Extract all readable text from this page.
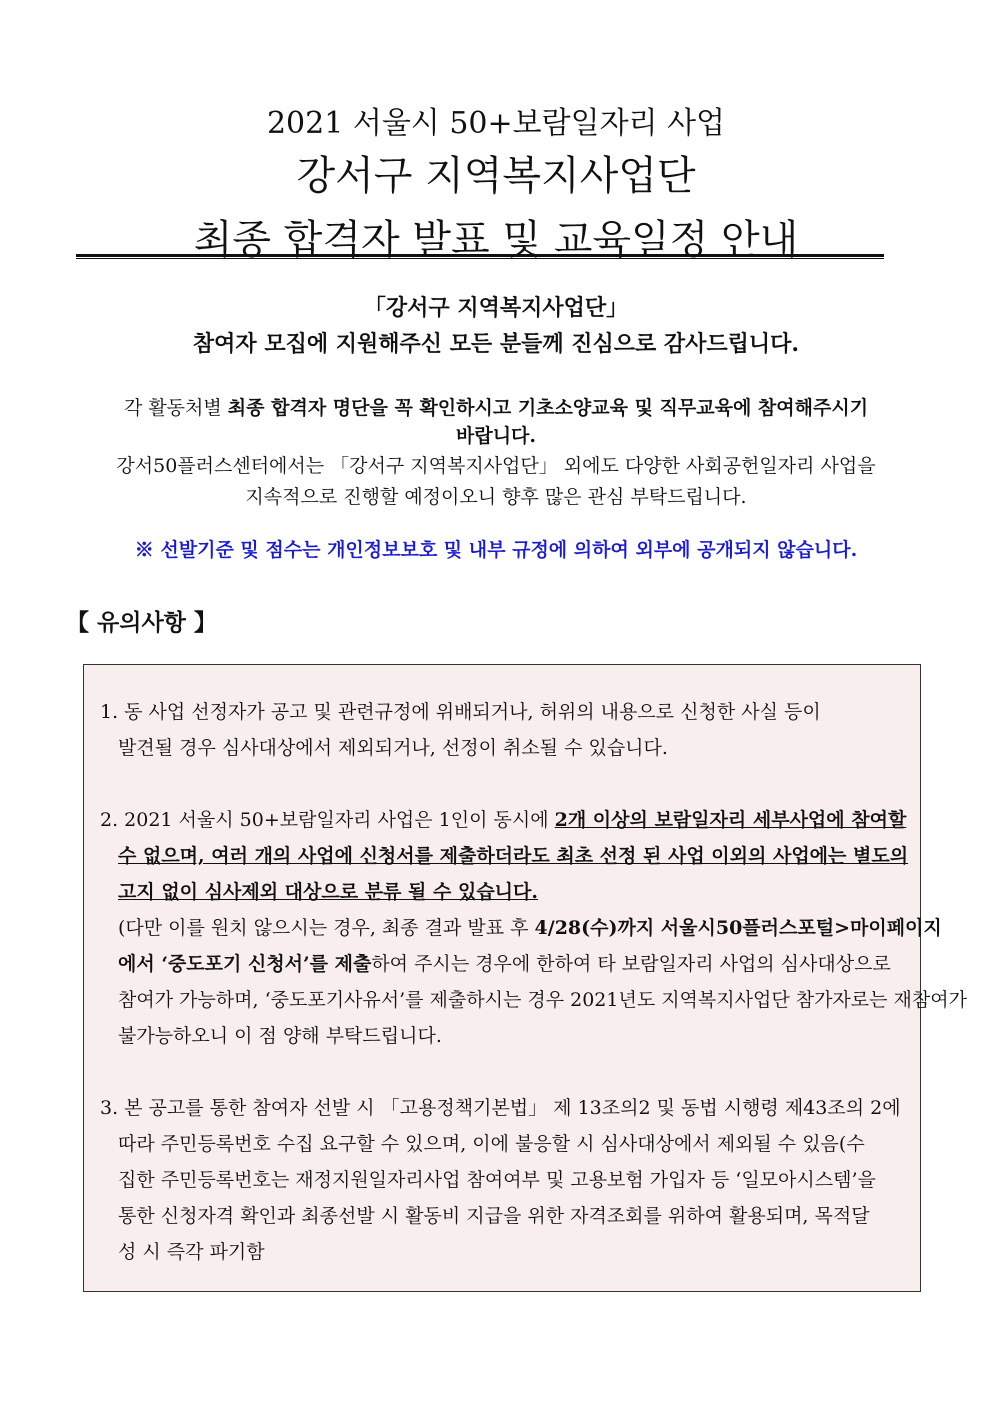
2021 서울시 50+보람일자리 사업
강서구 지역복지사업단
최종 합격자 발표 및 교육일정 안내
「강서구 지역복지사업단」
참여자 모집에 지원해주신 모든 분들께 진심으로 감사드립니다.
각 활동처별 최종 합격자 명단을 꼭 확인하시고 기초소양교육 및 직무교육에 참여해주시기
바랍니다.
강서50플러스센터에서는 「강서구 지역복지사업단」 외에도 다양한 사회공헌일자리 사업을
지속적으로 진행할 예정이오니 향후 많은 관심 부탁드립니다.
※ 선발기준 및 점수는 개인정보보호 및 내부 규정에 의하여 외부에 공개되지 않습니다.
【 유의사항 】
1. 동 사업 선정자가 공고 및 관련규정에 위배되거나, 허위의 내용으로 신청한 사실 등이
발견될 경우 심사대상에서 제외되거나, 선정이 취소될 수 있습니다.
2. 2021 서울시 50+보람일자리 사업은 1인이 동시에 2개 이상의 보람일자리 세부사업에 참여할
수 없으며, 여러 개의 사업에 신청서를 제출하더라도 최초 선정 된 사업 이외의 사업에는 별도의
고지 없이 심사제외 대상으로 분류 될 수 있습니다.
(다만 이를 원치 않으시는 경우, 최종 결과 발표 후 4/28(수)까지 서울시50플러스포털>마이페이지
에서 ‘중도포기 신청서’를 제출하여 주시는 경우에 한하여 타 보람일자리 사업의 심사대상으로
참여가 가능하며, ‘중도포기사유서’를 제출하시는 경우 2021년도 지역복지사업단 참가자로는 재참여가
불가능하오니 이 점 양해 부탁드립니다.
3. 본 공고를 통한 참여자 선발 시 「고용정책기본법」 제 13조의2 및 동법 시행령 제43조의 2에
따라 주민등록번호 수집 요구할 수 있으며, 이에 불응할 시 심사대상에서 제외될 수 있음(수
집한 주민등록번호는 재정지원일자리사업 참여여부 및 고용보험 가입자 등 ‘일모아시스템’을
통한 신청자격 확인과 최종선발 시 활동비 지급을 위한 자격조회를 위하여 활용되며, 목적달
성 시 즉각 파기함
